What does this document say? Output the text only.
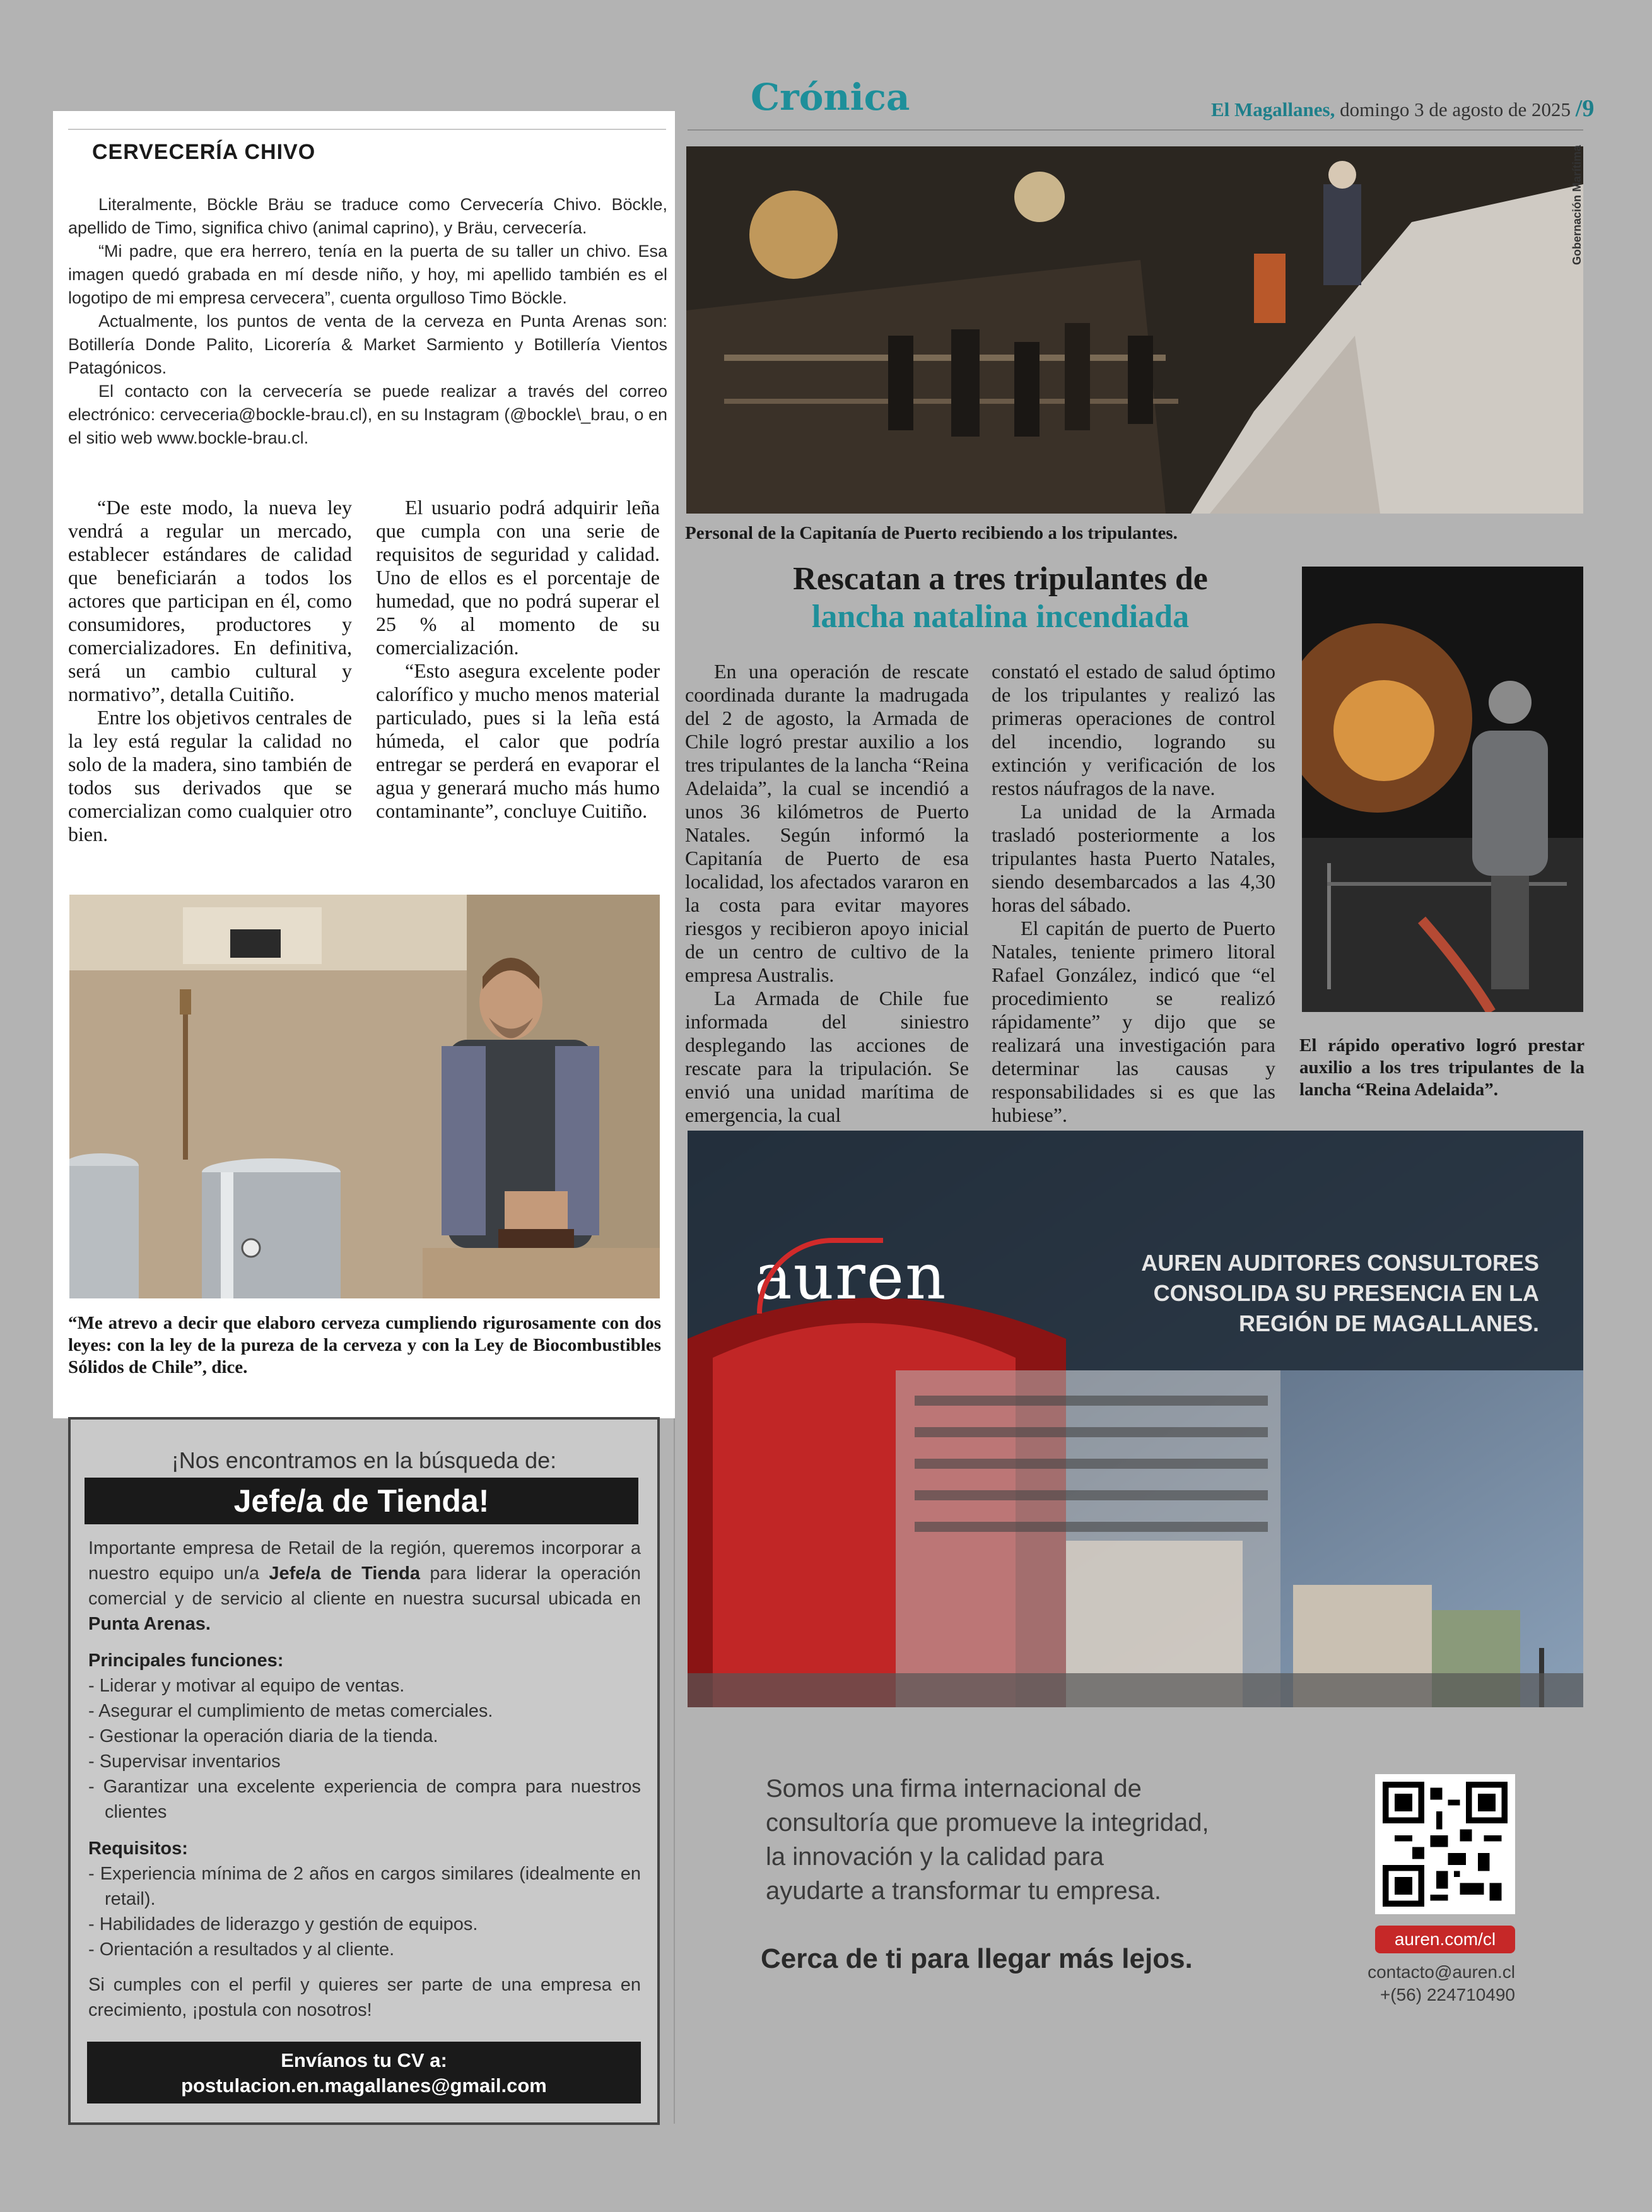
Crónica	El Magallanes, domingo 3 de agosto de 2025 /9
CERVECERÍA CHIVO

Literalmente, Böckle Bräu se traduce como Cervecería Chivo. Böckle, apellido de Timo, significa chivo (animal caprino), y Bräu, cervecería.

“Mi padre, que era herrero, tenía en la puerta de su taller un chivo. Esa imagen quedó grabada en mí desde niño, y hoy, mi apellido también es el logotipo de mi empresa cervecera”, cuenta orgulloso Timo Böckle.

Actualmente, los puntos de venta de la cerveza en Punta Arenas son: Botillería Donde Palito, Licorería & Market Sarmiento y Botillería Vientos Patagónicos.

El contacto con la cervecería se puede realizar a través del correo electrónico: cerveceria@bockle-brau.cl), en su Instagram (@bockle\_brau, o en el sitio web www.bockle-brau.cl.

“De este modo, la nueva ley vendrá a regular un mercado, establecer estándares de calidad que beneficiarán a todos los actores que participan en él, como consumidores, productores y comercializadores. En definitiva, será un cambio cultural y normativo”, detalla Cuitiño.

Entre los objetivos centrales de la ley está regular la calidad no solo de la madera, sino también de todos sus derivados que se comercializan como cualquier otro bien.

El usuario podrá adquirir leña que cumpla con una serie de requisitos de seguridad y calidad. Uno de ellos es el porcentaje de humedad, que no podrá superar el 25 % al momento de su comercialización.

“Esto asegura excelente poder calorífico y mucho menos material particulado, pues si la leña está húmeda, el calor que podría entregar se perderá en evaporar el agua y generará mucho más humo contaminante”, concluye Cuitiño.

“Me atrevo a decir que elaboro cerveza cumpliendo rigurosamente con dos leyes: con la ley de la pureza de la cerveza y con la Ley de Biocombustibles Sólidos de Chile”, dice.
¡Nos encontramos en la búsqueda de:
Jefe/a de Tienda!
Importante empresa de Retail de la región, queremos incorporar a nuestro equipo un/a Jefe/a de Tienda para liderar la operación comercial y de servicio al cliente en nuestra sucursal ubicada en Punta Arenas.
Principales funciones:
- Liderar y motivar al equipo de ventas.
- Asegurar el cumplimiento de metas comerciales.
- Gestionar la operación diaria de la tienda.
- Supervisar inventarios
- Garantizar una excelente experiencia de compra para nuestros clientes
Requisitos:
- Experiencia mínima de 2 años en cargos similares (idealmente en retail).
- Habilidades de liderazgo y gestión de equipos.
- Orientación a resultados y al cliente.
Si cumples con el perfil y quieres ser parte de una empresa en crecimiento, ¡postula con nosotros!
Envíanos tu CV a:
postulacion.en.magallanes@gmail.com
Gobernación Marítima
Personal de la Capitanía de Puerto recibiendo a los tripulantes.
Rescatan a tres tripulantes de
lancha natalina incendiada

En una operación de rescate coordinada durante la madrugada del 2 de agosto, la Armada de Chile logró prestar auxilio a los tres tripulantes de la lancha “Reina Adelaida”, la cual se incendió a unos 36 kilómetros de Puerto Natales. Según informó la Capitanía de Puerto de esa localidad, los afectados vararon en la costa para evitar mayores riesgos y recibieron apoyo inicial de un centro de cultivo de la empresa Australis.

La Armada de Chile fue informada del siniestro desplegando las acciones de rescate para la tripulación. Se envió una unidad marítima de emergencia, la cual

constató el estado de salud óptimo de los tripulantes y realizó las primeras operaciones de control del incendio, logrando su extinción y verificación de los restos náufragos de la nave.

La unidad de la Armada trasladó posteriormente a los tripulantes hasta Puerto Natales, siendo desembarcados a las 4,30 horas del sábado.

El capitán de puerto de Puerto Natales, teniente primero litoral Rafael González, indicó que “el procedimiento se realizó rápidamente” y dijo que se realizará una investigación para determinar las causas y responsabilidades si es que las hubiese”.

El rápido operativo logró prestar auxilio a los tres tripulantes de la lancha “Reina Adelaida”.
auren	AUREN AUDITORES CONSULTORES
CONSOLIDA SU PRESENCIA EN LA
REGIÓN DE MAGALLANES.
Somos una firma internacional de
consultoría que promueve la integridad,
la innovación y la calidad para
ayudarte a transformar tu empresa.
Cerca de ti para llegar más lejos.
auren.com/cl
contacto@auren.cl
+(56) 224710490
